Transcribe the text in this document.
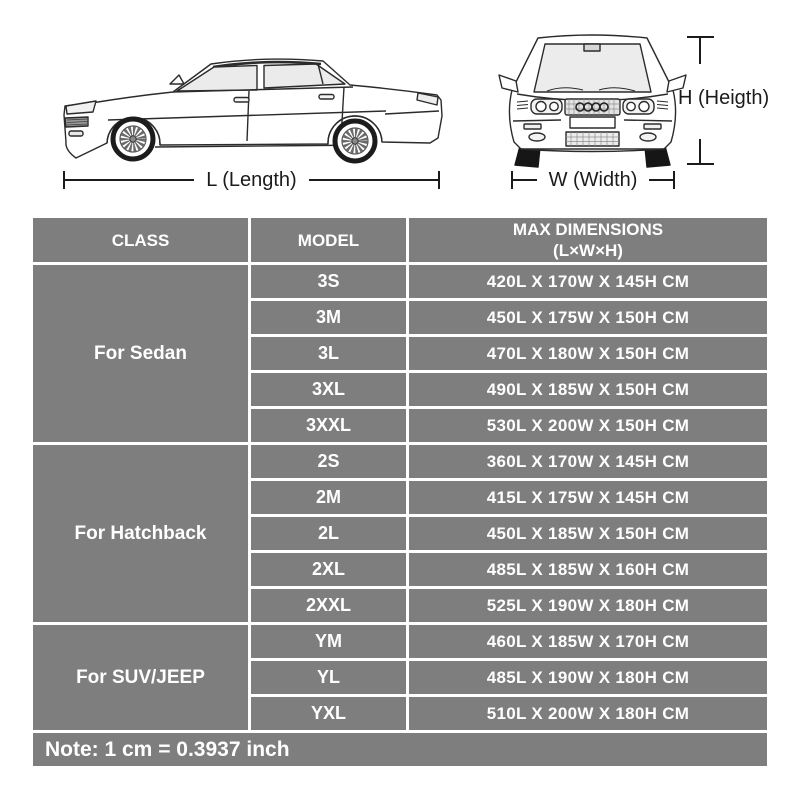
L (Length)	W (Width)
H (Heigth)
CLASS	MODEL	MAX DIMENSIONS
(L×W×H)
For Sedan	3S	420L X 170W X 145H CM
	3M	450L X 175W X 150H CM
	3L	470L X 180W X 150H CM
	3XL	490L X 185W X 150H CM
	3XXL	530L X 200W X 150H CM
For Hatchback	2S	360L X 170W X 145H CM
	2M	415L X 175W X 145H CM
	2L	450L X 185W X 150H CM
	2XL	485L X 185W X 160H CM
	2XXL	525L X 190W X 180H CM
For SUV/JEEP	YM	460L X 185W X 170H CM
	YL	485L X 190W X 180H CM
	YXL	510L X 200W X 180H CM
Note: 1 cm = 0.3937 inch		
